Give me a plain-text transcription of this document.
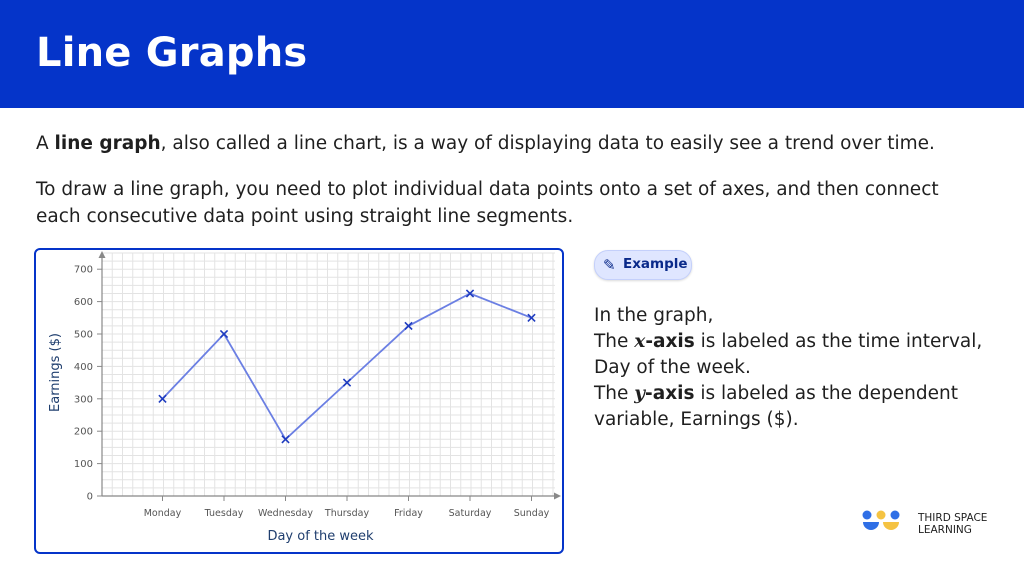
Line Graphs

A line graph, also called a line chart, is a way of displaying data to easily see a trend over time.

To draw a line graph, you need to plot individual data points onto a set of axes, and then connect
each consecutive data point using straight line segments.

0
100
200
300
400
500
600
700
Monday Tuesday Wednesday Thursday	Friday	Saturday Sunday
Day of the week
Earnings ($)
✎ Example
In the graph,
The x-axis is labeled as the time interval,
Day of the week.
The y-axis is labeled as the dependent
variable, Earnings ($).
THIRD SPACE
LEARNING
